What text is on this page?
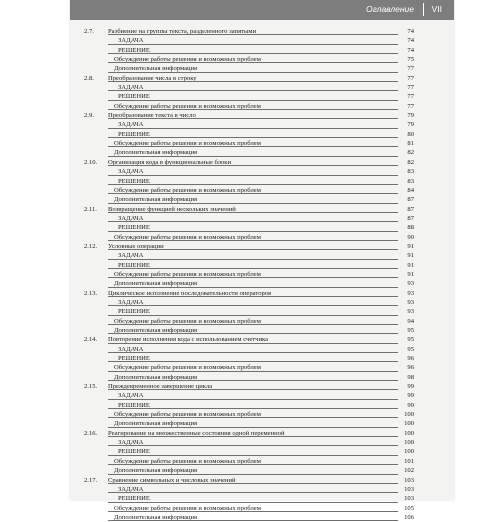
Оглавление VII
2.7.	Разбиение на группы текста, разделенного запятыми	74
ЗАДАЧА	74
РЕШЕНИЕ	74
Обсуждение работы решения и возможных проблем	75
Дополнительная информация	77
2.8.	Преобразование числа в строку	77
ЗАДАЧА	77
РЕШЕНИЕ	77
Обсуждение работы решения и возможных проблем	77
2.9.	Преобразование текста в число	79
ЗАДАЧА	79
РЕШЕНИЕ	80
Обсуждение работы решения и возможных проблем	81
Дополнительная информация	82
2.10.	Организация кода в функциональные блоки	82
ЗАДАЧА	83
РЕШЕНИЕ	83
Обсуждение работы решения и возможных проблем	84
Дополнительная информация	87
2.11.	Возвращение функцией нескольких значений	87
ЗАДАЧА	87
РЕШЕНИЕ	88
Обсуждение работы решения и возможных проблем	90
2.12.	Условные операции	91
ЗАДАЧА	91
РЕШЕНИЕ	91
Обсуждение работы решения и возможных проблем	91
Дополнительная информация	93
2.13.	Циклическое исполнение последовательности операторов	93
ЗАДАЧА	93
РЕШЕНИЕ	93
Обсуждение работы решения и возможных проблем	94
Дополнительная информация	95
2.14.	Повторение исполнения кода с использованием счетчика	95
ЗАДАЧА	95
РЕШЕНИЕ	96
Обсуждение работы решения и возможных проблем	96
Дополнительная информация	98
2.15.	Преждевременное завершение цикла	99
ЗАДАЧА	99
РЕШЕНИЕ	99
Обсуждение работы решения и возможных проблем	100
Дополнительная информация	100
2.16.	Реагирование на множественные состояния одной переменной	100
ЗАДАЧА	100
РЕШЕНИЕ	100
Обсуждение работы решения и возможных проблем	101
Дополнительная информация	102
2.17.	Сравнение символьных и числовых значений	103
ЗАДАЧА	103
РЕШЕНИЕ	103
Обсуждение работы решения и возможных проблем	105
Дополнительная информация	106
